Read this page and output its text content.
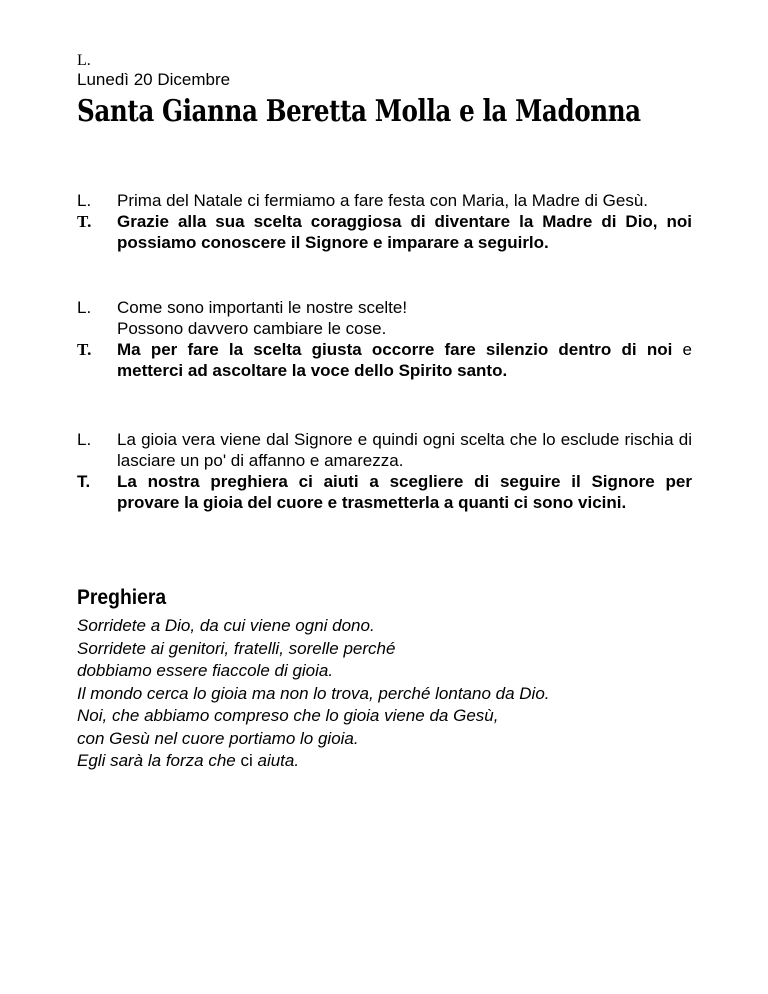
L.

Lunedì 20 Dicembre

Santa Gianna Beretta Molla e la Madonna
L.	Prima del Natale ci fermiamo a fare festa con Maria, la Madre di Gesù.
T.	Grazie alla sua scelta coraggiosa di diventare la Madre di Dio, noi possiamo conoscere il Signore e imparare a seguirlo.
L.	Come sono importanti le nostre scelte!
Possono davvero cambiare le cose.
T.	Ma per fare la scelta giusta occorre fare silenzio dentro di noi e metterci ad ascoltare la voce dello Spirito santo.
L.	La gioia vera viene dal Signore e quindi ogni scelta che lo esclude rischia di lasciare un po' di affanno e amarezza.
T.	La nostra preghiera ci aiuti a scegliere di seguire il Signore per provare la gioia del cuore e trasmetterla a quanti ci sono vicini.
Preghiera
Sorridete a Dio, da cui viene ogni dono.
Sorridete ai genitori, fratelli, sorelle perché
dobbiamo essere fiaccole di gioia.
Il mondo cerca lo gioia ma non lo trova, perché lontano da Dio.
Noi, che abbiamo compreso che lo gioia viene da Gesù,
con Gesù nel cuore portiamo lo gioia.
Egli sarà la forza che ci aiuta.
